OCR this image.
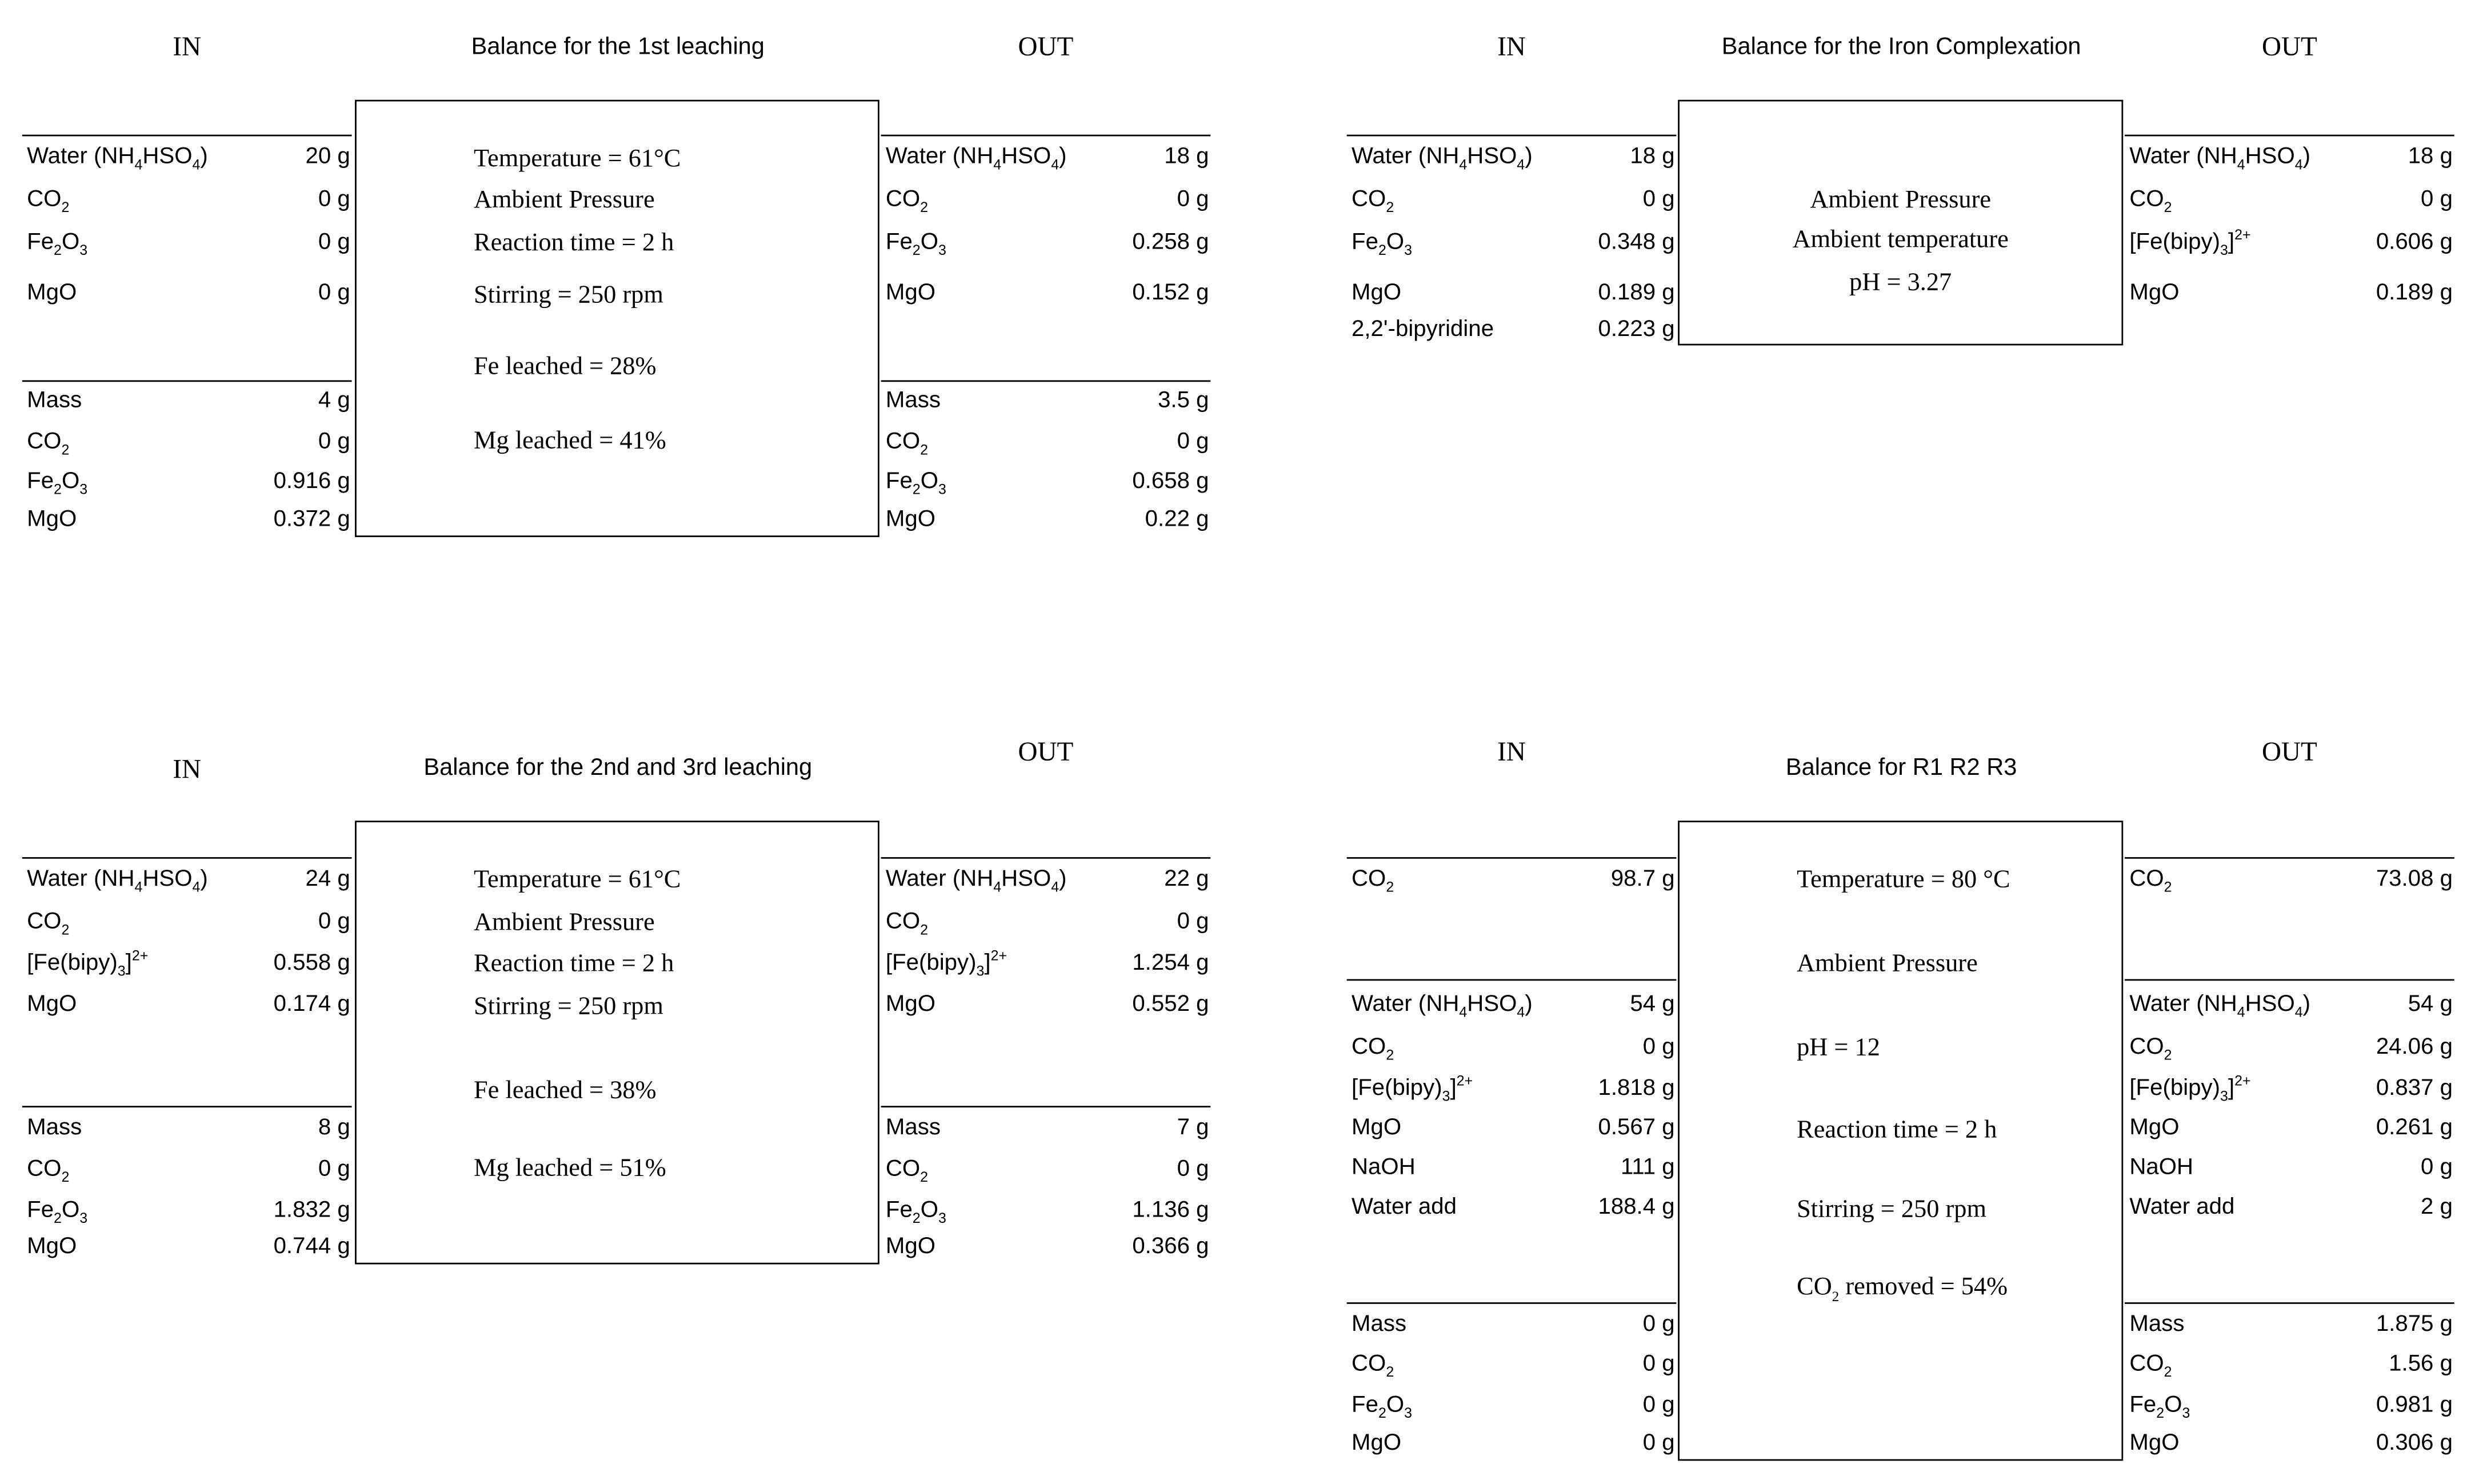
IN	OUT
Balance for the 1st leaching
Temperature = 61°C
Ambient Pressure
Reaction time = 2 h
Stirring = 250 rpm
Fe leached = 28%
Mg leached = 41%
Water $(NH_4HSO_4)$	20 g
$CO_2$	0 g
$Fe_2O_3$	0 g
MgO	0 g
Mass	4 g
$CO_2$	0 g
$Fe_2O_3$	0.916 g
MgO	0.372 g
Water $(NH_4HSO_4)$	18 g
$CO_2$	0 g
$Fe_2O_3$	0.258 g
MgO	0.152 g
Mass	3.5 g
$CO_2$	0 g
$Fe_2O_3$	0.658 g
MgO	0.22 g
IN	OUT
Balance for the Iron Complexation
Ambient Pressure
Ambient temperature
pH = 3.27
Water $(NH_4HSO_4)$	18 g
$CO_2$	0 g
$Fe_2O_3$	0.348 g
MgO	0.189 g
2,2'-bipyridine	0.223 g
Water $(NH_4HSO_4)$	18 g
$CO_2$	0 g
$[Fe(bipy)_3]^{2+}$	0.606 g
MgO	0.189 g
IN
OUT
Balance for the 2nd and 3rd leaching
Temperature = 61°C
Ambient Pressure
Reaction time = 2 h
Stirring = 250 rpm
Fe leached = 38%
Mg leached = 51%
Water $(NH_4HSO_4)$	24 g
$CO_2$	0 g
$[Fe(bipy)_3]^{2+}$	0.558 g
MgO	0.174 g
Mass	8 g
$CO_2$	0 g
$Fe_2O_3$	1.832 g
MgO	0.744 g
Water $(NH_4HSO_4)$	22 g
$CO_2$	0 g
$[Fe(bipy)_3]^{2+}$	1.254 g
MgO	0.552 g
Mass	7 g
$CO_2$	0 g
$Fe_2O_3$	1.136 g
MgO	0.366 g
IN	OUT
Balance for R1 R2 R3
Temperature = 80 °C
Ambient Pressure
pH = 12
Reaction time = 2 h
Stirring = 250 rpm
$CO_2$ removed = 54%
$CO_2$	98.7 g
Water $(NH_4HSO_4)$	54 g
$CO_2$	0 g
$[Fe(bipy)_3]^{2+}$	1.818 g
MgO	0.567 g
NaOH	111 g
Water add	188.4 g
Mass	0 g
$CO_2$	0 g
$Fe_2O_3$	0 g
MgO	0 g
$CO_2$	73.08 g
Water $(NH_4HSO_4)$	54 g
$CO_2$	24.06 g
$[Fe(bipy)_3]^{2+}$	0.837 g
MgO	0.261 g
NaOH	0 g
Water add	2 g
Mass	1.875 g
$CO_2$	1.56 g
$Fe_2O_3$	0.981 g
MgO	0.306 g
